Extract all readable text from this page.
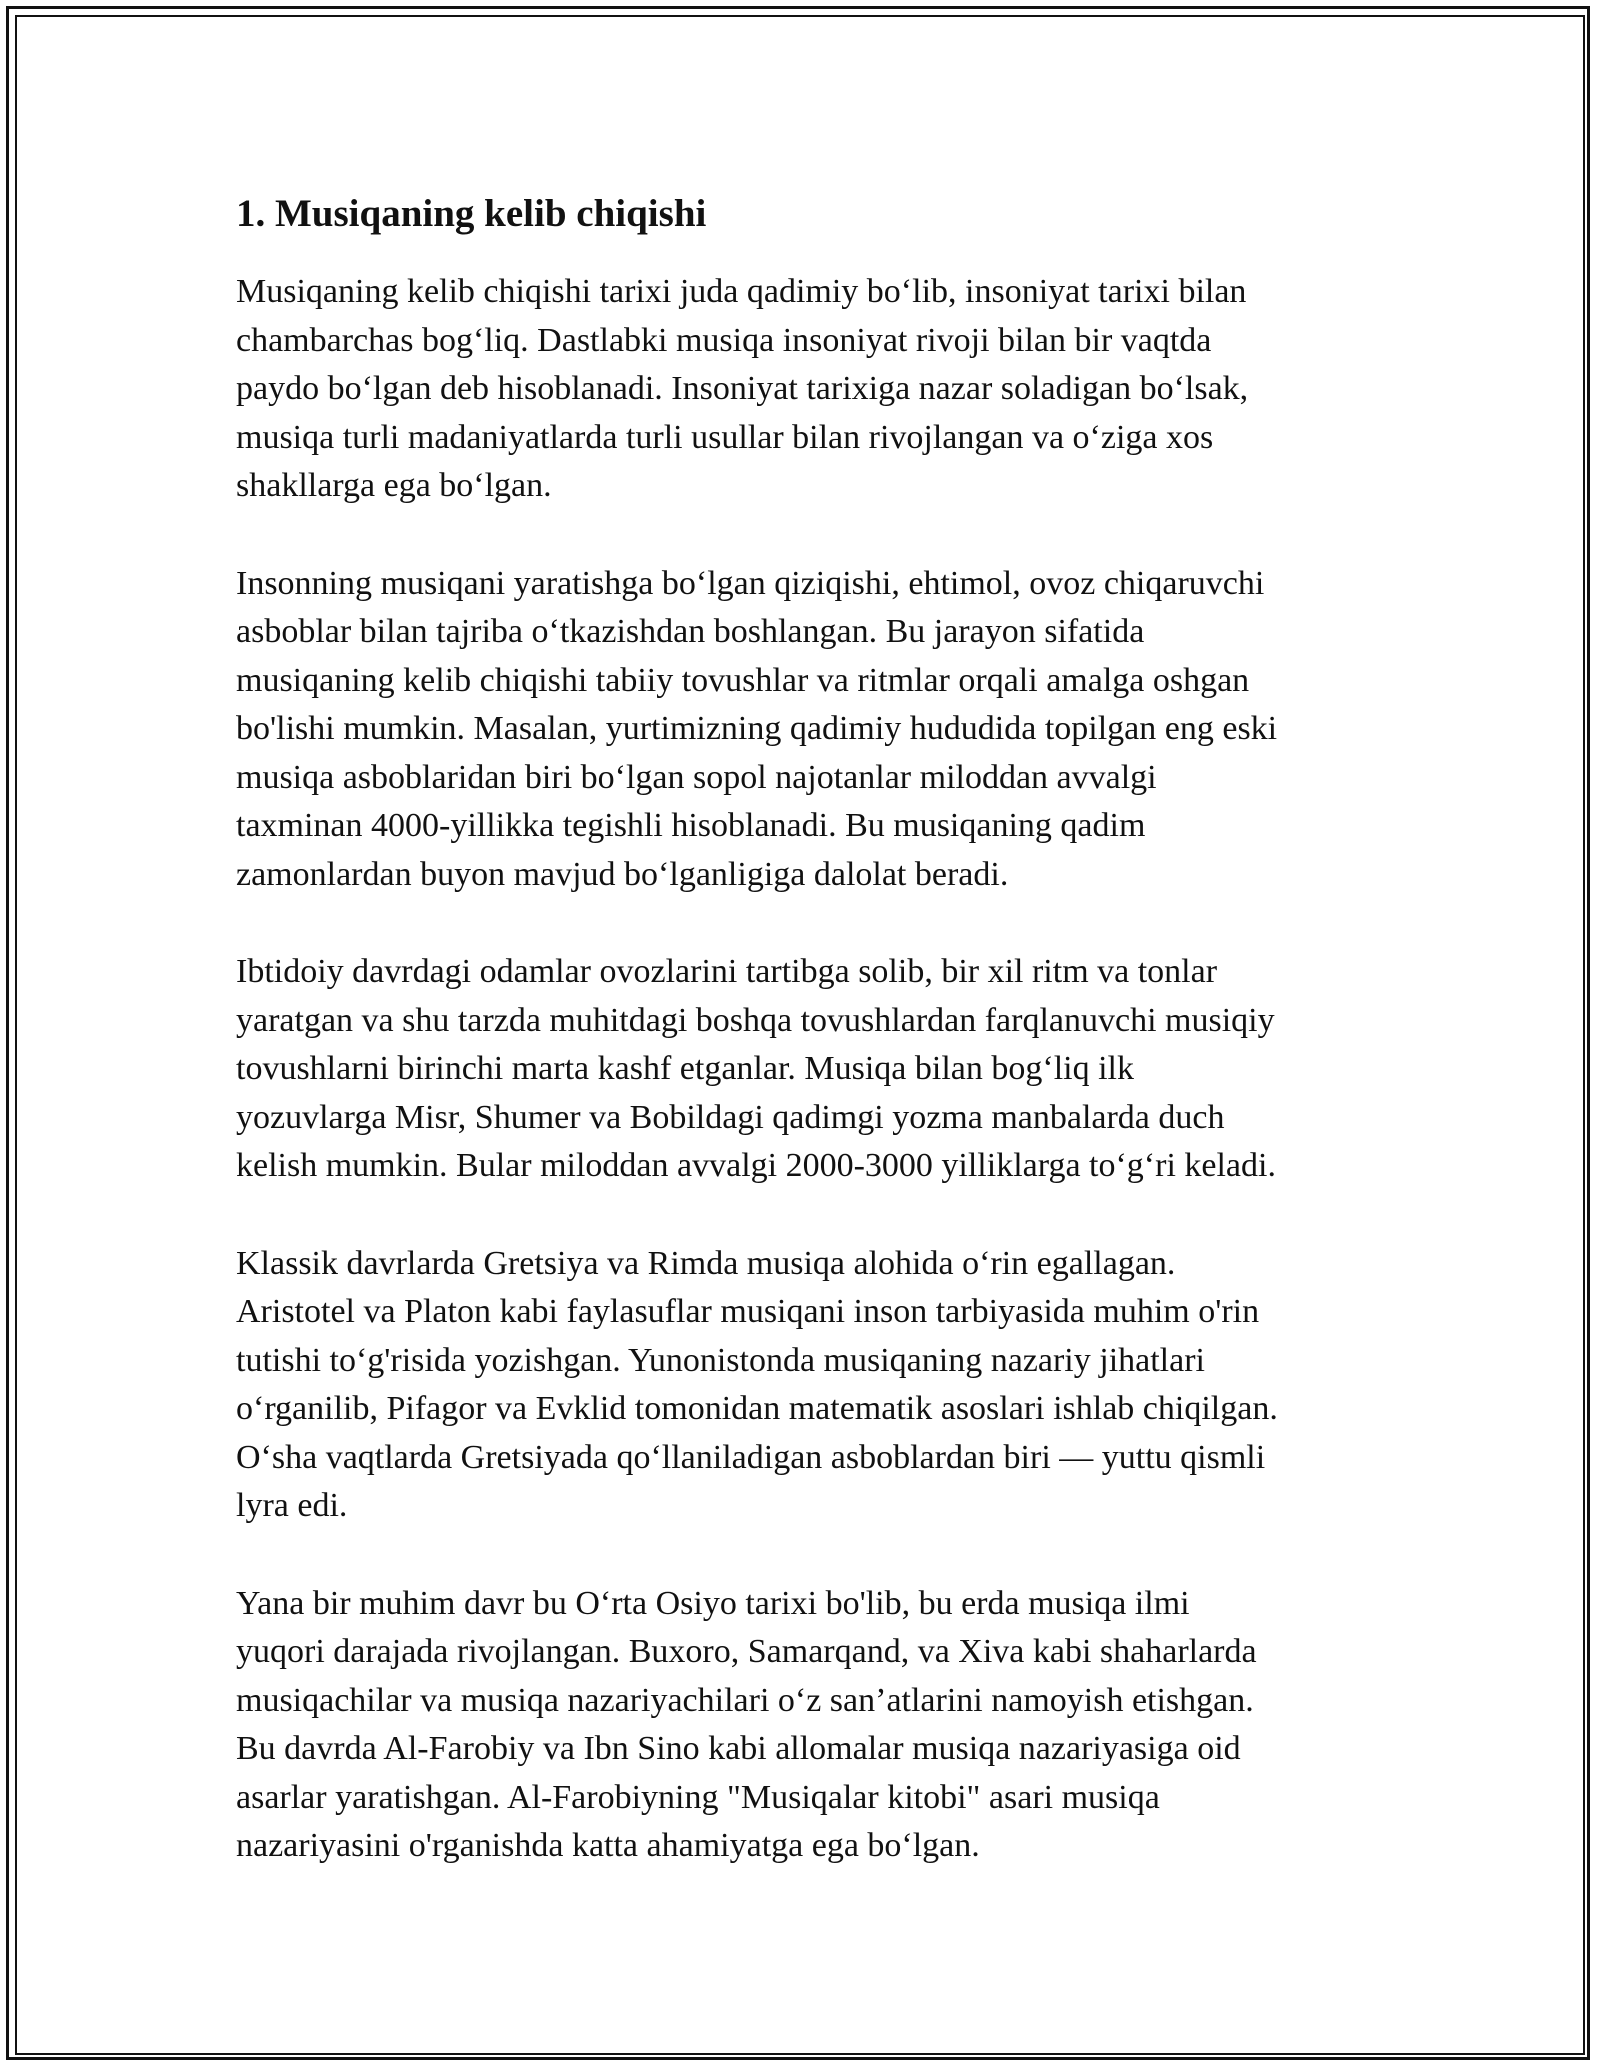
1. Musiqaning kelib chiqishi

Musiqaning kelib chiqishi tarixi juda qadimiy bo‘lib, insoniyat tarixi bilan
chambarchas bog‘liq. Dastlabki musiqa insoniyat rivoji bilan bir vaqtda
paydo bo‘lgan deb hisoblanadi. Insoniyat tarixiga nazar soladigan bo‘lsak,
musiqa turli madaniyatlarda turli usullar bilan rivojlangan va o‘ziga xos
shakllarga ega bo‘lgan.

Insonning musiqani yaratishga bo‘lgan qiziqishi, ehtimol, ovoz chiqaruvchi
asboblar bilan tajriba o‘tkazishdan boshlangan. Bu jarayon sifatida
musiqaning kelib chiqishi tabiiy tovushlar va ritmlar orqali amalga oshgan
bo'lishi mumkin. Masalan, yurtimizning qadimiy hududida topilgan eng eski
musiqa asboblaridan biri bo‘lgan sopol najotanlar miloddan avvalgi
taxminan 4000-yillikka tegishli hisoblanadi. Bu musiqaning qadim
zamonlardan buyon mavjud bo‘lganligiga dalolat beradi.

Ibtidoiy davrdagi odamlar ovozlarini tartibga solib, bir xil ritm va tonlar
yaratgan va shu tarzda muhitdagi boshqa tovushlardan farqlanuvchi musiqiy
tovushlarni birinchi marta kashf etganlar. Musiqa bilan bog‘liq ilk
yozuvlarga Misr, Shumer va Bobildagi qadimgi yozma manbalarda duch
kelish mumkin. Bular miloddan avvalgi 2000-3000 yilliklarga to‘g‘ri keladi.

Klassik davrlarda Gretsiya va Rimda musiqa alohida o‘rin egallagan.
Aristotel va Platon kabi faylasuflar musiqani inson tarbiyasida muhim o'rin
tutishi to‘g'risida yozishgan. Yunonistonda musiqaning nazariy jihatlari
o‘rganilib, Pifagor va Evklid tomonidan matematik asoslari ishlab chiqilgan.
O‘sha vaqtlarda Gretsiyada qo‘llaniladigan asboblardan biri — yuttu qismli
lyra edi.

Yana bir muhim davr bu O‘rta Osiyo tarixi bo'lib, bu erda musiqa ilmi
yuqori darajada rivojlangan. Buxoro, Samarqand, va Xiva kabi shaharlarda
musiqachilar va musiqa nazariyachilari o‘z san’atlarini namoyish etishgan.
Bu davrda Al-Farobiy va Ibn Sino kabi allomalar musiqa nazariyasiga oid
asarlar yaratishgan. Al-Farobiyning "Musiqalar kitobi" asari musiqa
nazariyasini o'rganishda katta ahamiyatga ega bo‘lgan.
